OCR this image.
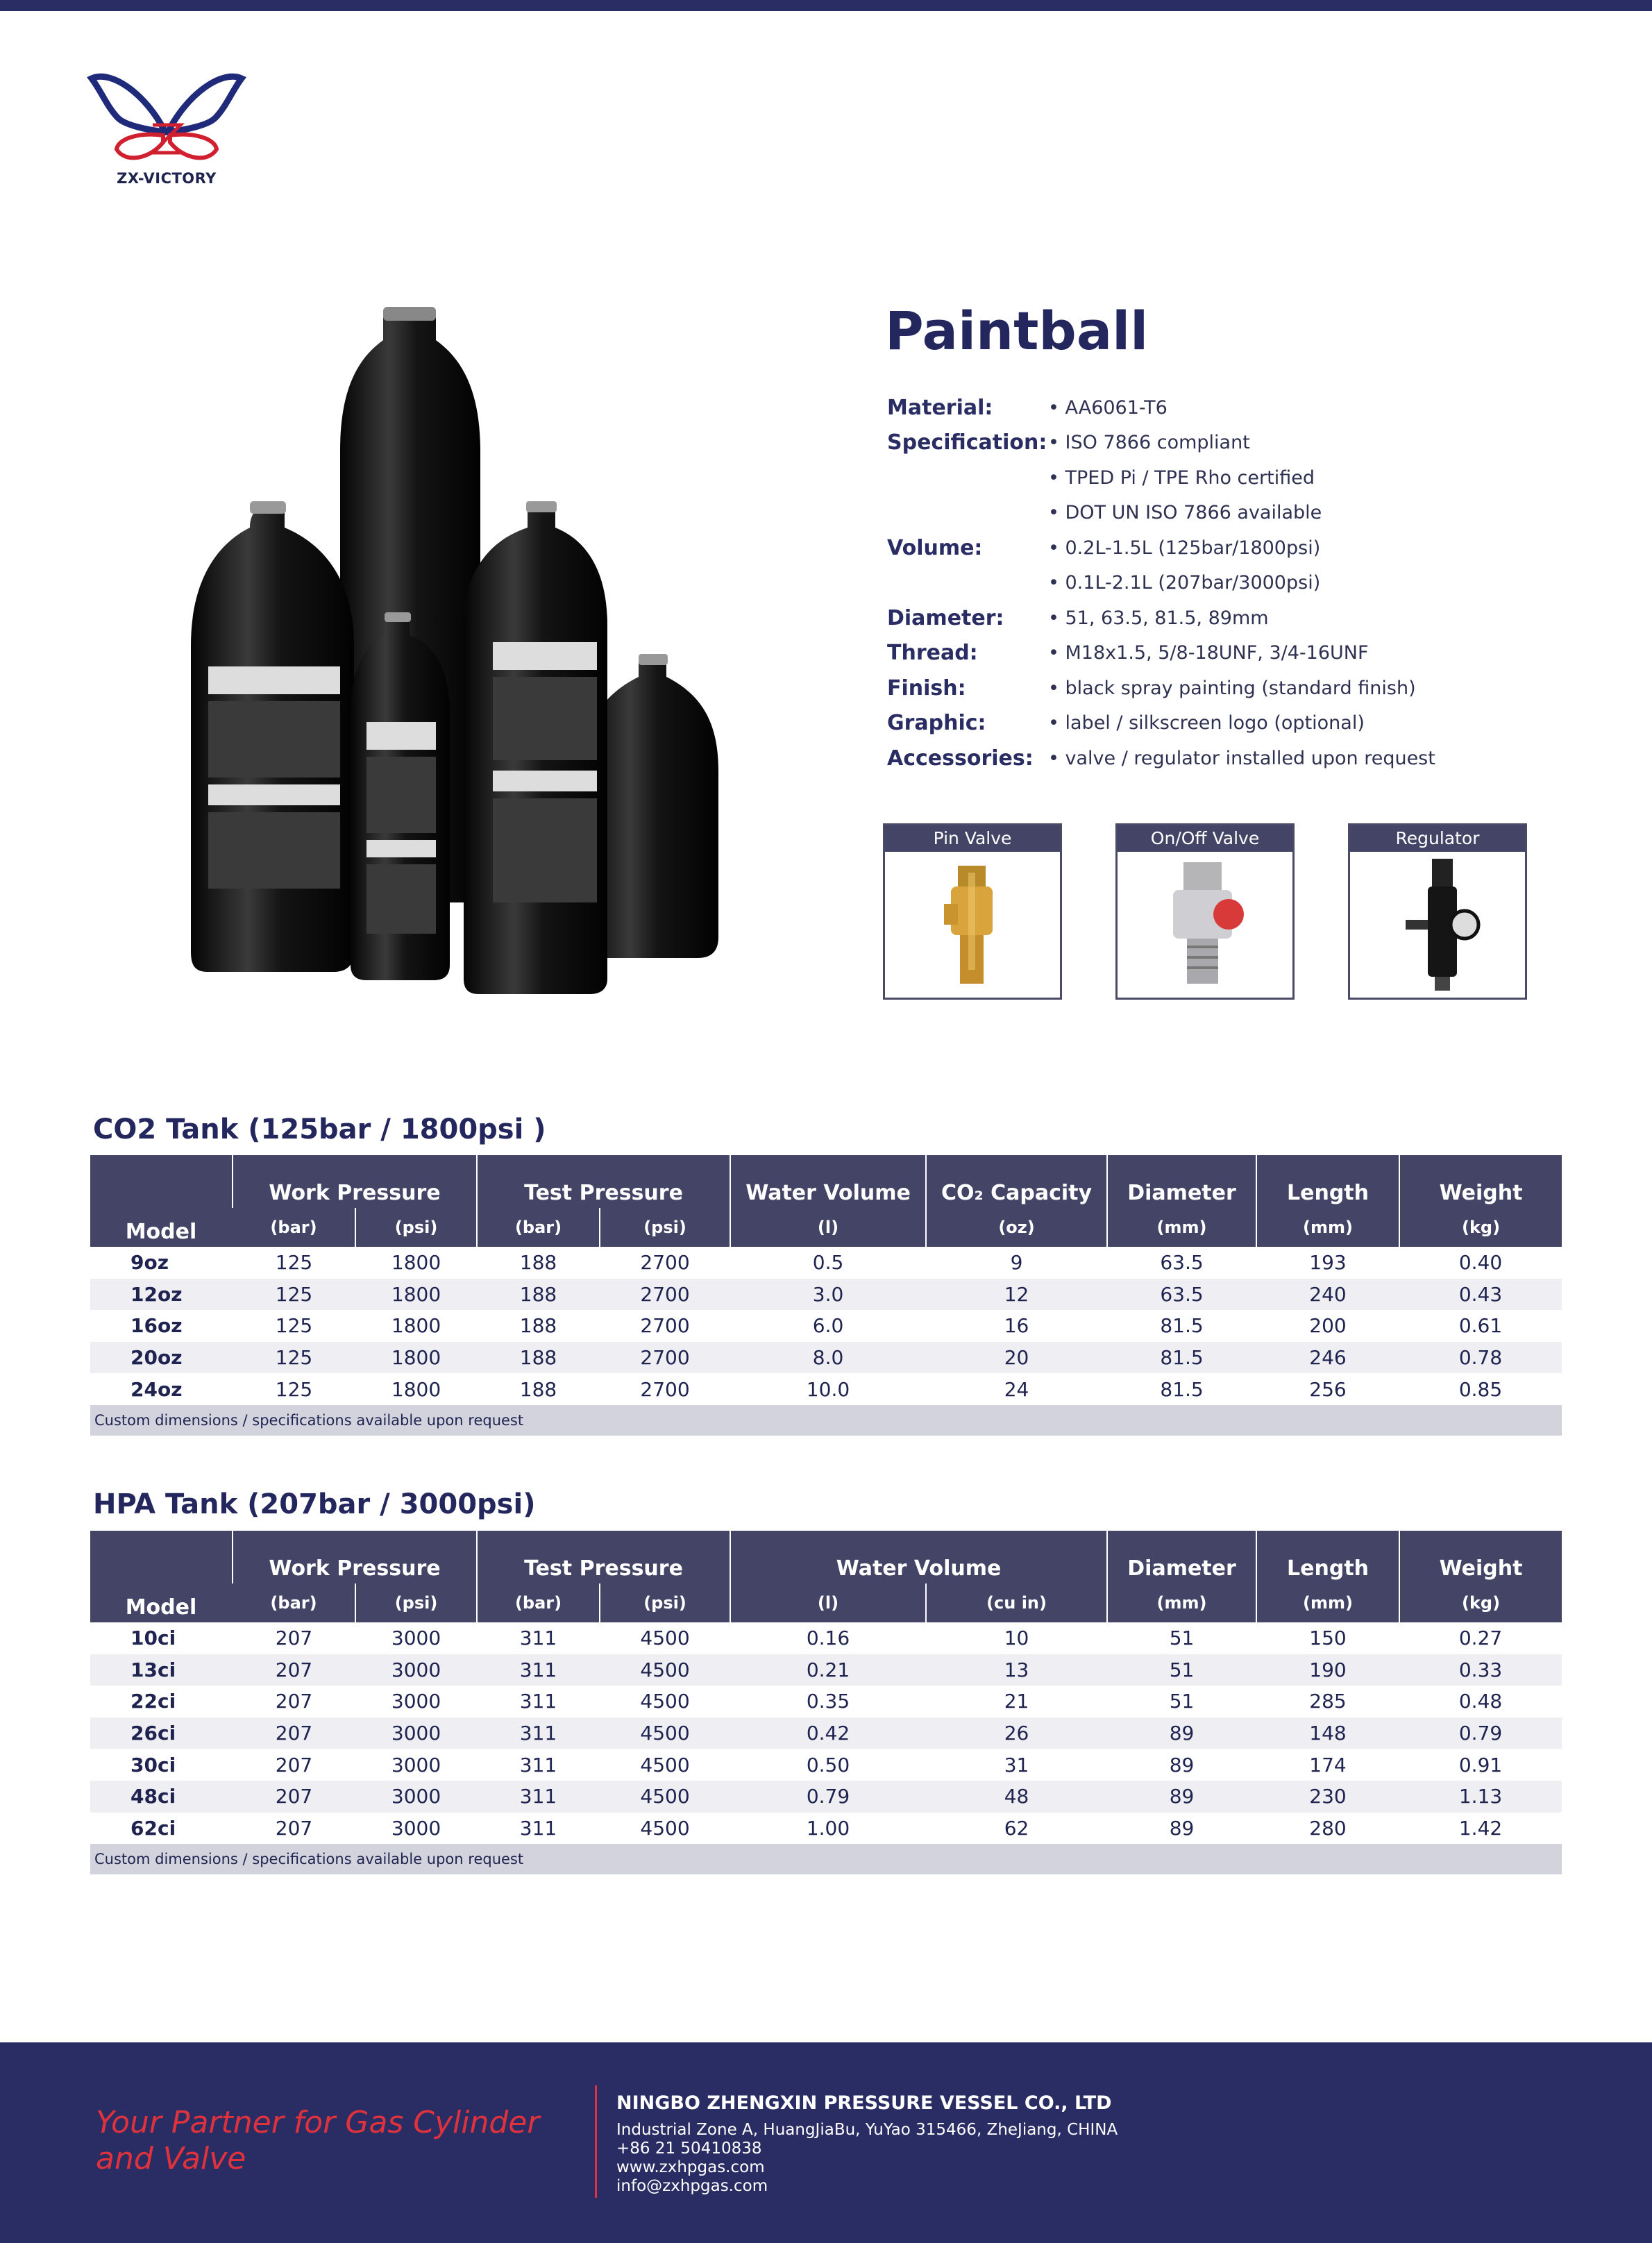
ZX-VICTORY
Paintball
Material:	• AA6061-T6
Specification: • ISO 7866 compliant
• TPED Pi / TPE Rho certified
• DOT UN ISO 7866 available
Volume:	• 0.2L-1.5L (125bar/1800psi)
• 0.1L-2.1L (207bar/3000psi)
Diameter:	• 51, 63.5, 81.5, 89mm
Thread:	• M18x1.5, 5/8-18UNF, 3/4-16UNF
Finish:	• black spray painting (standard finish)
Graphic:	• label / silkscreen logo (optional)
Accessories: • valve / regulator installed upon request
Pin Valve	On/Off Valve	Regulator
CO2 Tank (125bar / 1800psi )
Model	Work Pressure		Test Pressure		Water Volume	CO₂ Capacity	Diameter	Length	Weight
	(bar)	(psi)	(bar)	(psi)	(l)	(oz)	(mm)	(mm)	(kg)
9oz	125	1800	188	2700	0.5	9	63.5	193	0.40
12oz	125	1800	188	2700	3.0	12	63.5	240	0.43
16oz	125	1800	188	2700	6.0	16	81.5	200	0.61
20oz	125	1800	188	2700	8.0	20	81.5	246	0.78
24oz	125	1800	188	2700	10.0	24	81.5	256	0.85
Custom dimensions / specifications available upon request									
HPA Tank (207bar / 3000psi)
Model	Work Pressure		Test Pressure		Water Volume		Diameter	Length	Weight
	(bar)	(psi)	(bar)	(psi)	(l)	(cu in)	(mm)	(mm)	(kg)
10ci	207	3000	311	4500	0.16	10	51	150	0.27
13ci	207	3000	311	4500	0.21	13	51	190	0.33
22ci	207	3000	311	4500	0.35	21	51	285	0.48
26ci	207	3000	311	4500	0.42	26	89	148	0.79
30ci	207	3000	311	4500	0.50	31	89	174	0.91
48ci	207	3000	311	4500	0.79	48	89	230	1.13
62ci	207	3000	311	4500	1.00	62	89	280	1.42
Custom dimensions / specifications available upon request									
Your Partner for Gas Cylinder
and Valve
NINGBO ZHENGXIN PRESSURE VESSEL CO., LTD
Industrial Zone A, HuangJiaBu, YuYao 315466, ZheJiang, CHINA
+86 21 50410838
www.zxhpgas.com
info@zxhpgas.com
